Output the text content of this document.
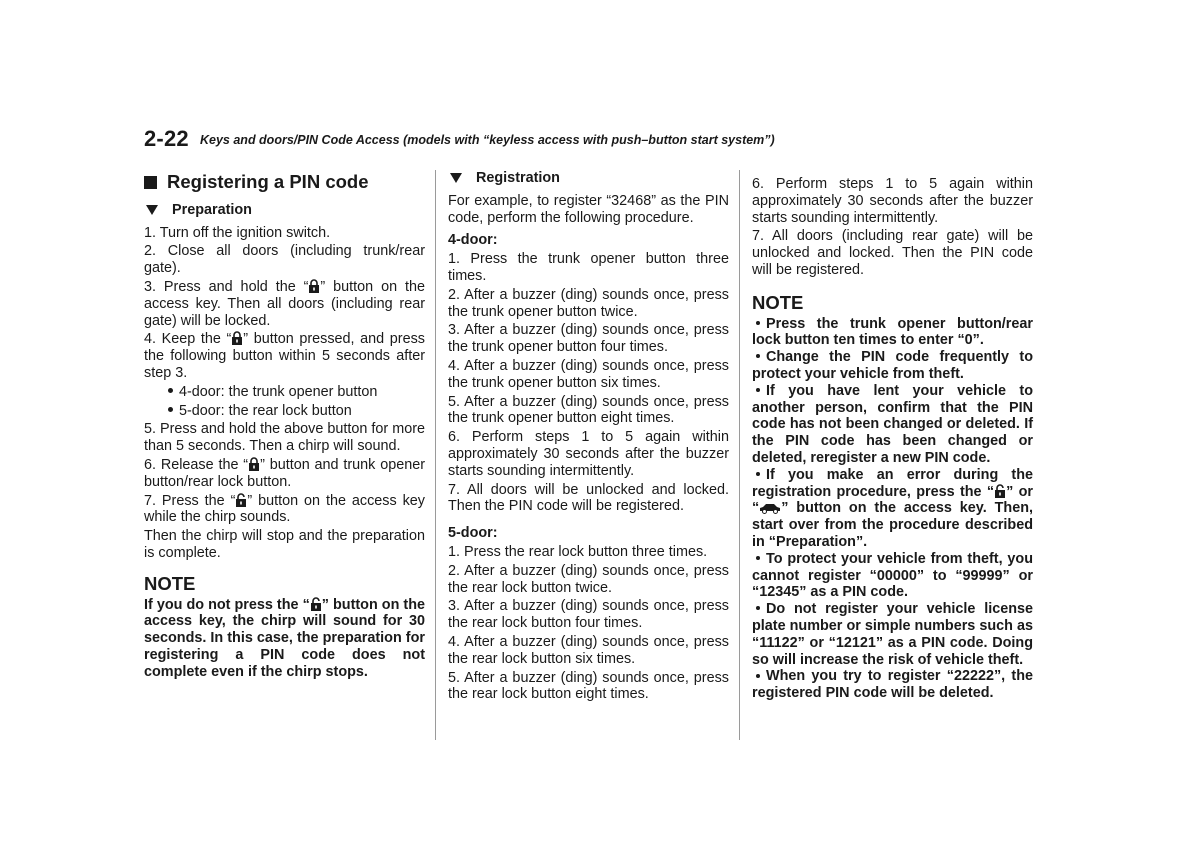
2-22 Keys and doors/PIN Code Access (models with “keyless access with push–button start system”)
Registering a PIN code
Preparation

1. Turn off the ignition switch.

2. Close all doors (including trunk/rear gate).

3. Press and hold the “ ” button on the access key. Then all doors (including rear gate) will be locked.

4. Keep the “ ” button pressed, and press the following button within 5 seconds after step 3.

4-door: the trunk opener button

5-door: the rear lock button

5. Press and hold the above button for more than 5 seconds. Then a chirp will sound.

6. Release the “ ” button and trunk opener button/rear lock button.

7. Press the “ ” button on the access key while the chirp sounds.

Then the chirp will stop and the preparation is complete.

NOTE

If you do not press the “ ” button on the access key, the chirp will sound for 30 seconds. In this case, the preparation for registering a PIN code does not complete even if the chirp stops.

Registration

For example, to register “32468” as the PIN code, perform the following procedure.

4-door:

1. Press the trunk opener button three times.

2. After a buzzer (ding) sounds once, press the trunk opener button twice.

3. After a buzzer (ding) sounds once, press the trunk opener button four times.

4. After a buzzer (ding) sounds once, press the trunk opener button six times.

5. After a buzzer (ding) sounds once, press the trunk opener button eight times.

6. Perform steps 1 to 5 again within approximately 30 seconds after the buzzer starts sounding intermittently.

7. All doors will be unlocked and locked. Then the PIN code will be registered.

5-door:

1. Press the rear lock button three times.

2. After a buzzer (ding) sounds once, press the rear lock button twice.

3. After a buzzer (ding) sounds once, press the rear lock button four times.

4. After a buzzer (ding) sounds once, press the rear lock button six times.

5. After a buzzer (ding) sounds once, press the rear lock button eight times.

6. Perform steps 1 to 5 again within approximately 30 seconds after the buzzer starts sounding intermittently.

7. All doors (including rear gate) will be unlocked and locked. Then the PIN code will be registered.

NOTE

Press the trunk opener button/rear lock button ten times to enter “0”.

Change the PIN code frequently to protect your vehicle from theft.

If you have lent your vehicle to another person, confirm that the PIN code has not been changed or deleted. If the PIN code has been changed or deleted, reregister a new PIN code.

If you make an error during the registration procedure, press the “ ” or “ ” button on the access key. Then, start over from the procedure described in “Preparation”.

To protect your vehicle from theft, you cannot register “00000” to “99999” or “12345” as a PIN code.

Do not register your vehicle license plate number or simple numbers such as “11122” or “12121” as a PIN code. Doing so will increase the risk of vehicle theft.

When you try to register “22222”, the registered PIN code will be deleted.
